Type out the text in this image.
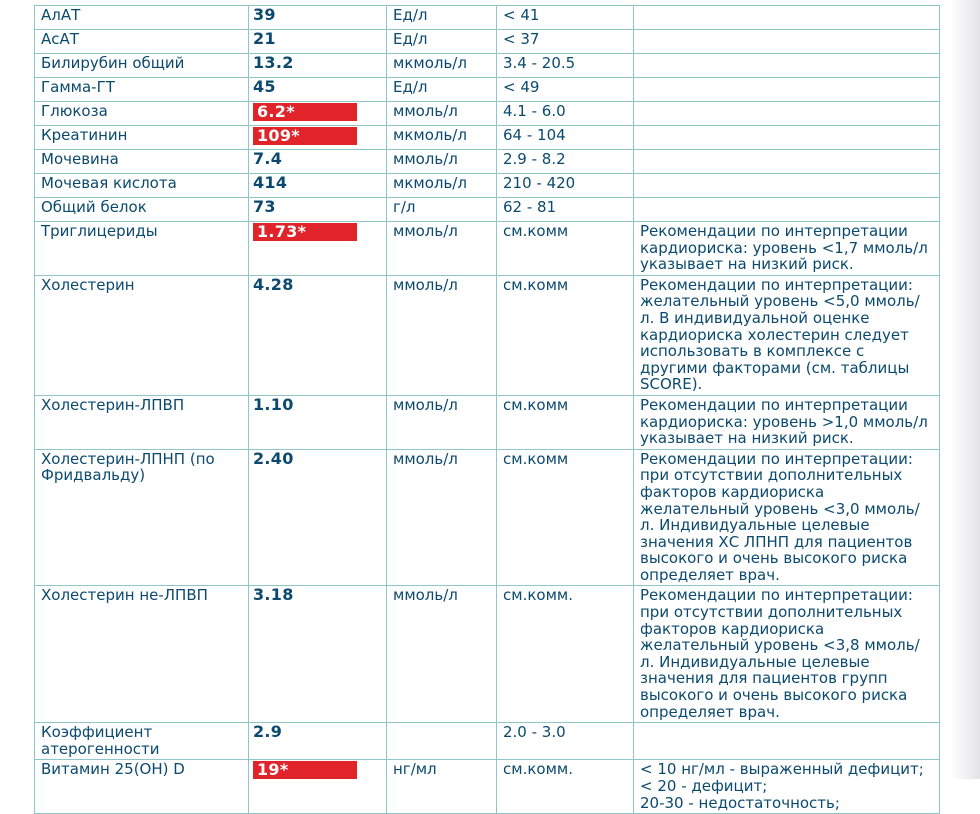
АлАТ	39	Ед/л	< 41	
АсАТ	21	Ед/л	< 37	
Билирубин общий	13.2	мкмоль/л	3.4 - 20.5	
Гамма-ГТ	45	Ед/л	< 49	
Глюкоза	6.2*	ммоль/л	4.1 - 6.0	
Креатинин	109*	мкмоль/л	64 - 104	
Мочевина	7.4	ммоль/л	2.9 - 8.2	
Мочевая кислота	414	мкмоль/л	210 - 420	
Общий белок	73	г/л	62 - 81	
Триглицериды	1.73*	ммоль/л	см.комм	Рекомендации по интерпретации кардиориска: уровень <1,7 ммоль/л указывает на низкий риск.
Холестерин	4.28	ммоль/л	см.комм	Рекомендации по интерпретации: желательный уровень <5,0 ммоль/л. В индивидуальной оценке кардиориска холестерин следует использовать в комплексе с другими факторами (см. таблицы SCORE).
Холестерин-ЛПВП	1.10	ммоль/л	см.комм	Рекомендации по интерпретации кардиориска: уровень >1,0 ммоль/л указывает на низкий риск.
Холестерин-ЛПНП (по Фридвальду)	2.40	ммоль/л	см.комм	Рекомендации по интерпретации: при отсутствии дополнительных факторов кардиориска желательный уровень <3,0 ммоль/л. Индивидуальные целевые значения ХС ЛПНП для пациентов высокого и очень высокого риска определяет врач.
Холестерин не-ЛПВП	3.18	ммоль/л	см.комм.	Рекомендации по интерпретации: при отсутствии дополнительных факторов кардиориска желательный уровень <3,8 ммоль/л. Индивидуальные целевые значения для пациентов групп высокого и очень высокого риска определяет врач.
Коэффициент атерогенности	2.9		2.0 - 3.0	
Витамин 25(OH) D	19*	нг/мл	см.комм.	< 10 нг/мл - выраженный дефицит;
< 20 - дефицит;
20-30 - недостаточность;
